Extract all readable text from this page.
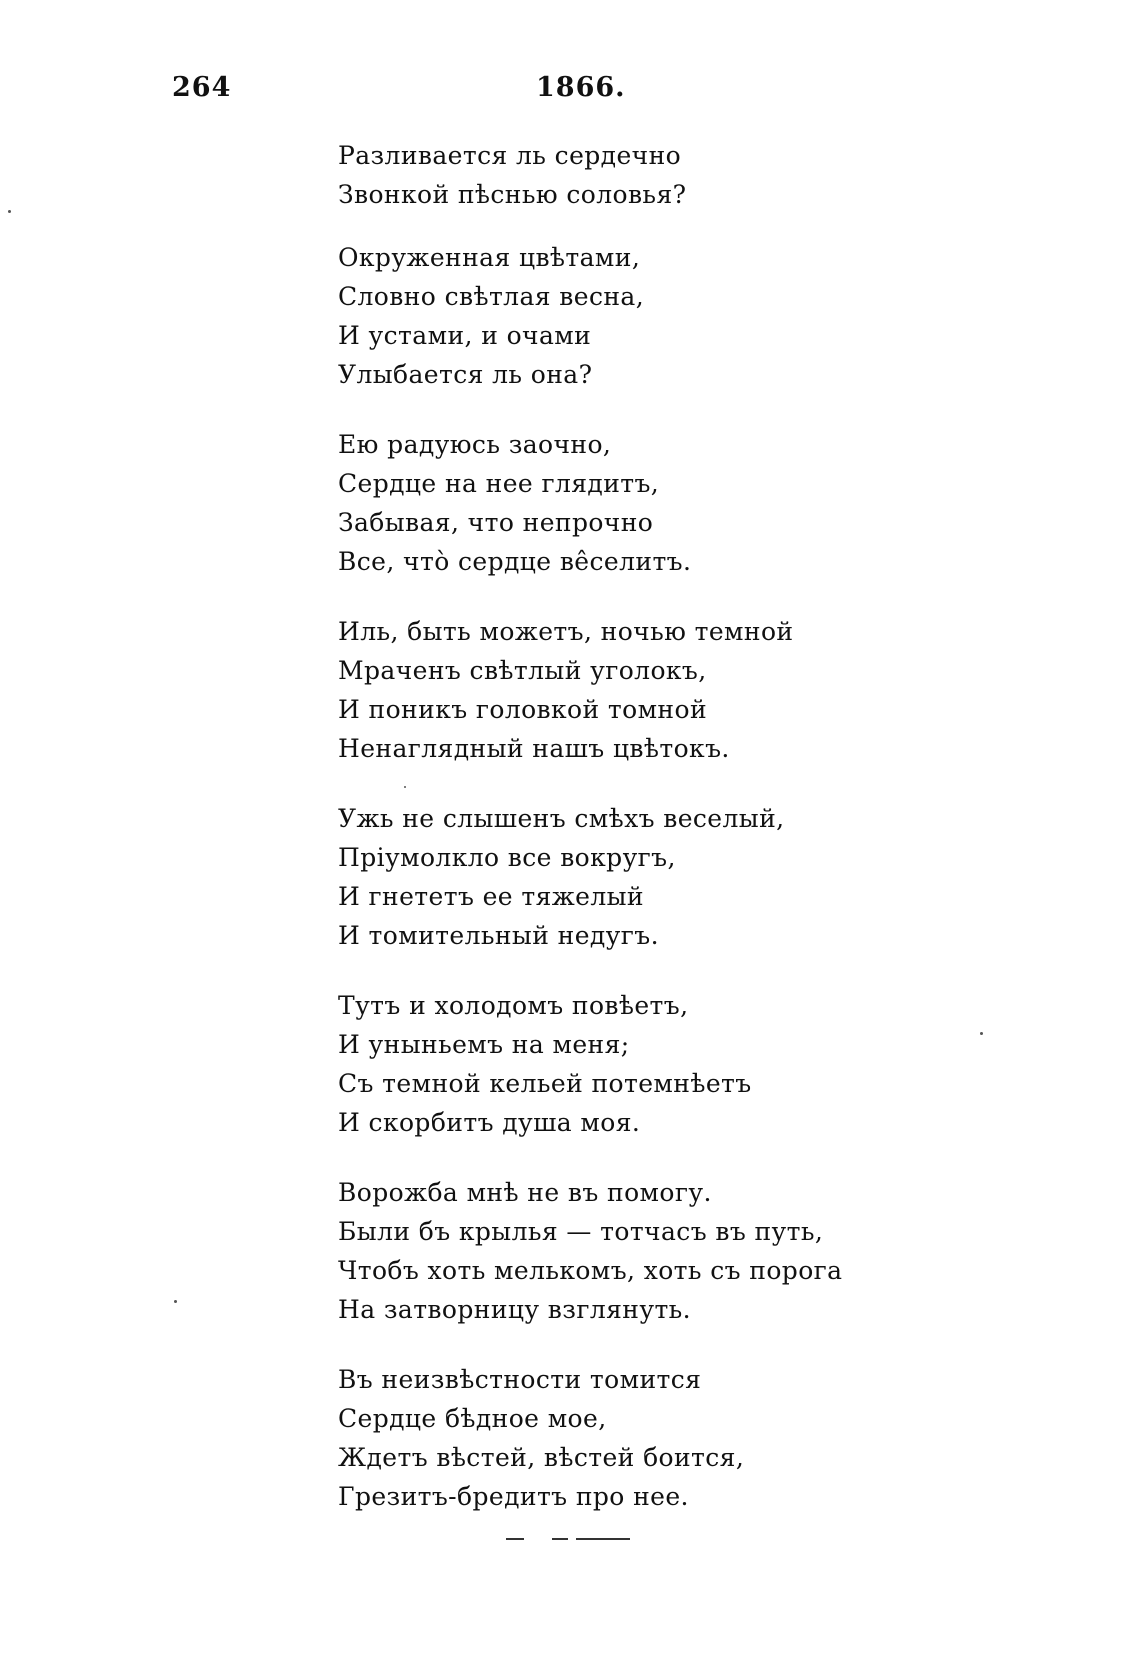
264	1866.
Разливается ль сердечно
Звонкой пѣснью соловья?
Окруженная цвѣтами,
Словно свѣтлая весна,
И устами, и очами
Улыбается ль она?
Ею радуюсь заочно,
Сердце на нее глядитъ,
Забывая, что непрочно
Все, что̀ сердце ве̂селитъ.
Иль, быть можетъ, ночью темной
Мраченъ свѣтлый уголокъ,
И поникъ головкой томной
Ненаглядный нашъ цвѣтокъ.
Ужь не слышенъ смѣхъ веселый,
Пріумолкло все вокругъ,
И гнететъ ее тяжелый
И томительный недугъ.
Тутъ и холодомъ повѣетъ,
И уныньемъ на меня;
Съ темной кельей потемнѣетъ
И скорбитъ душа моя.
Ворожба мнѣ не въ помогу.
Были бъ крылья — тотчасъ въ путь,
Чтобъ хоть мелькомъ, хоть съ порога
На затворницу взглянуть.
Въ неизвѣстности томится
Сердце бѣдное мое,
Ждетъ вѣстей, вѣстей боится,
Грезитъ-бредитъ про нее.
